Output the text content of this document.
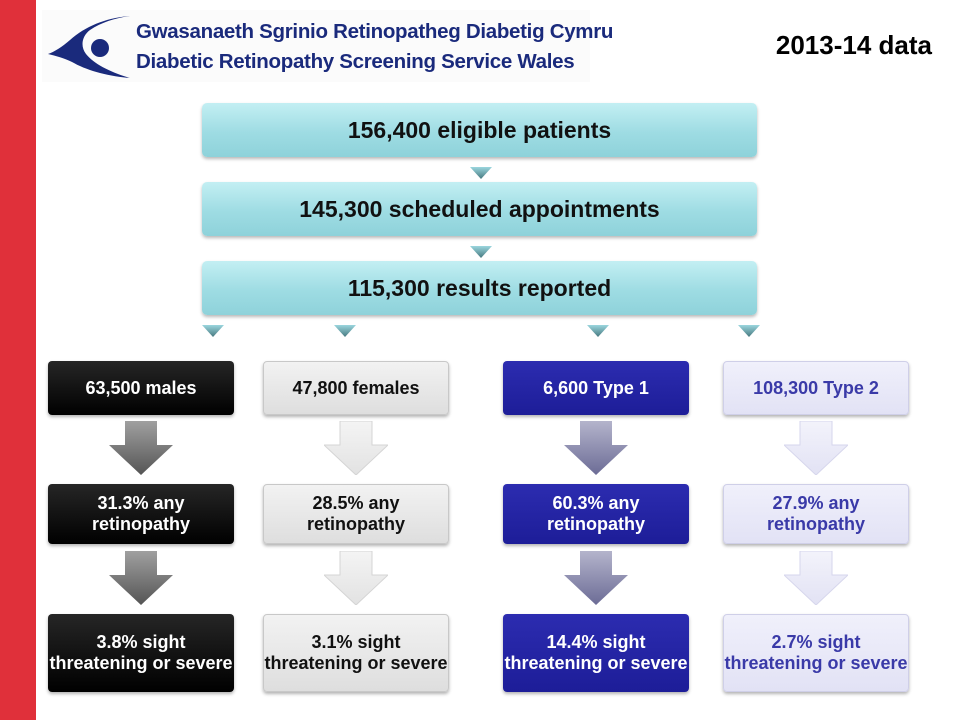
Gwasanaeth Sgrinio Retinopatheg Diabetig Cymru
Diabetic Retinopathy Screening Service Wales
2013-14 data
156,400 eligible patients
145,300 scheduled appointments
115,300 results reported
63,500 males
31.3% any retinopathy
3.8% sight threatening or severe
47,800 females
28.5% any retinopathy
3.1% sight threatening or severe
6,600 Type 1
60.3% any retinopathy
14.4% sight threatening or severe
108,300 Type 2
27.9% any retinopathy
2.7% sight threatening or severe
